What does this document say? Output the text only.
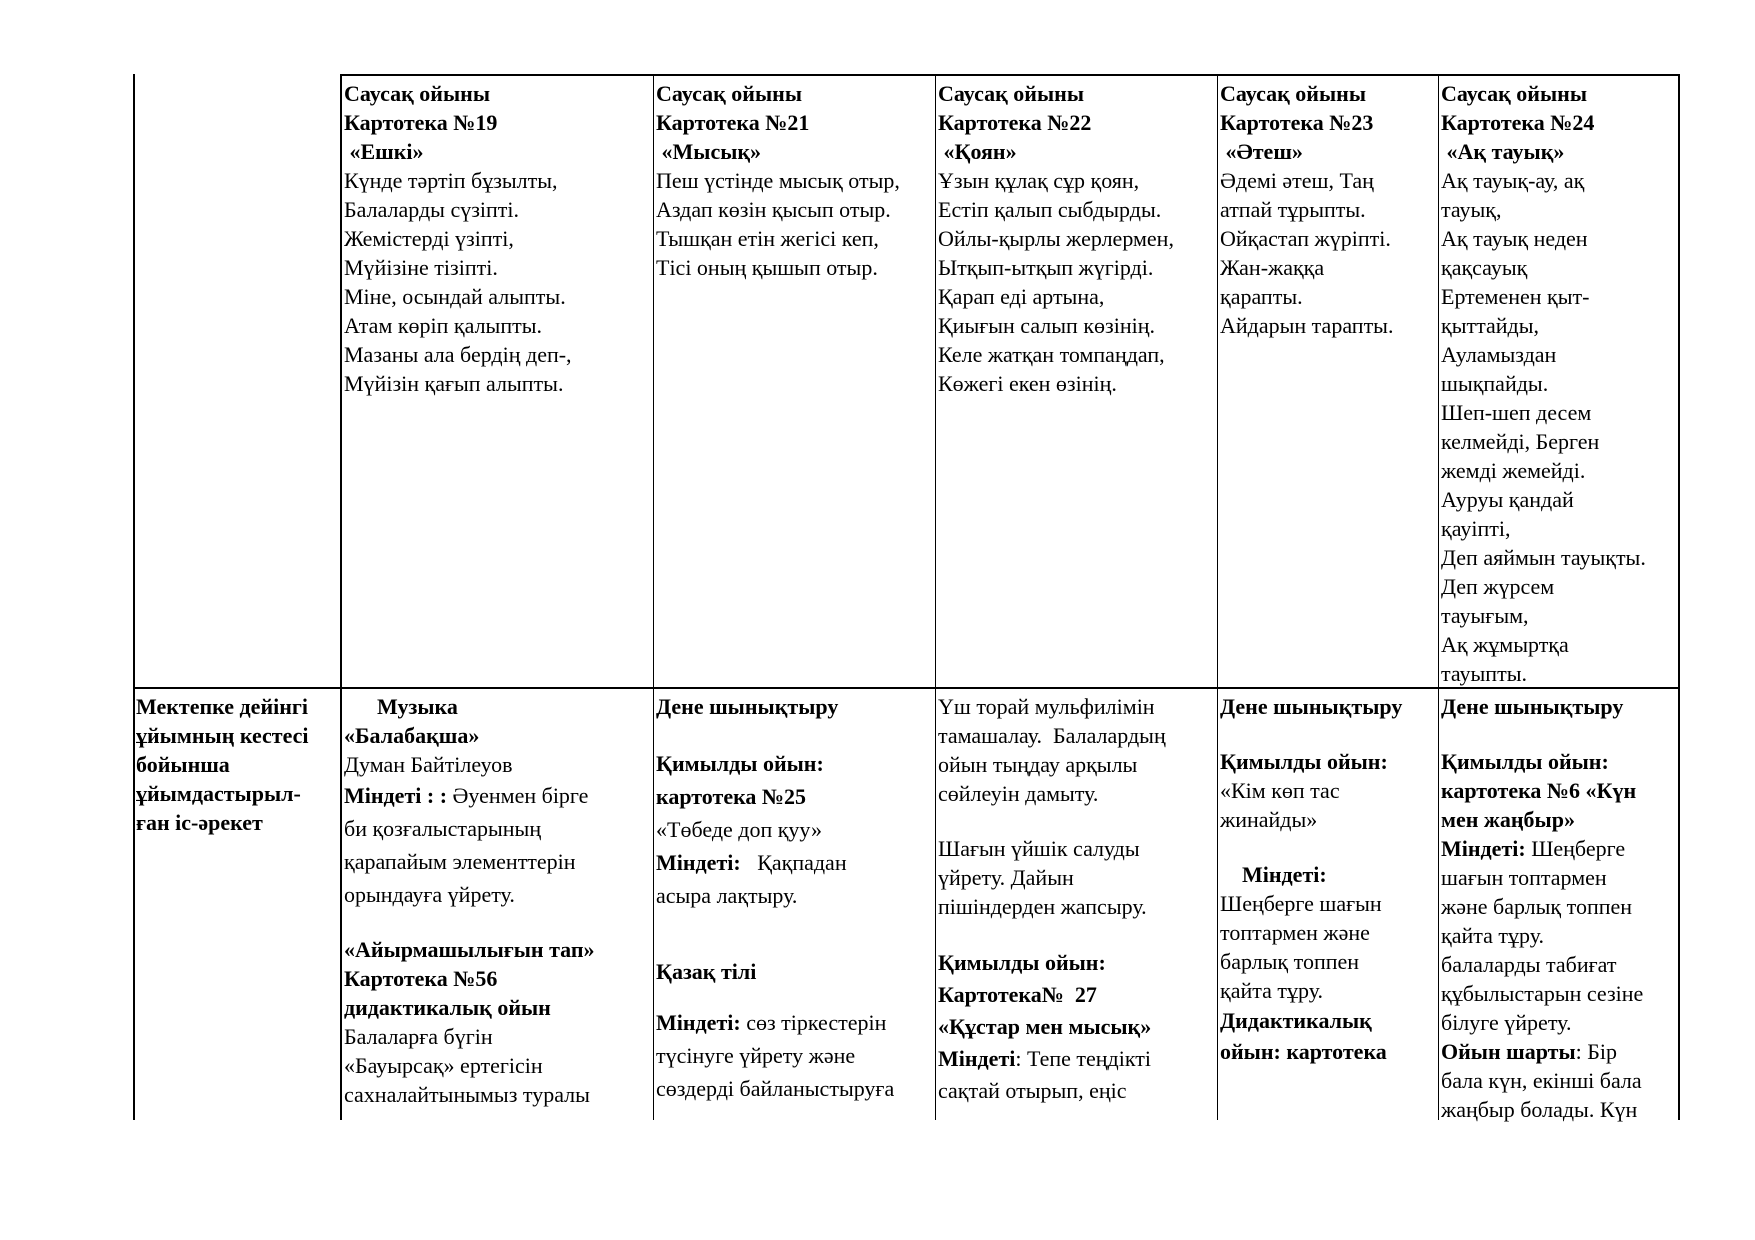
Саусақ ойыны

Картотека №19

«Ешкі»

Күнде тәртіп бұзылты,

Балаларды сүзіпті.

Жемістерді үзіпті,

Мүйізіне тізіпті.

Міне, осындай алыпты.

Атам көріп қалыпты.

Мазаны ала бердің деп-,

Мүйізін қағып алыпты.

Саусақ ойыны

Картотека №21

«Мысық»

Пеш үстінде мысық отыр,

Аздап көзін қысып отыр.

Тышқан етін жегісі кеп,

Тісі оның қышып отыр.

Саусақ ойыны

Картотека №22

«Қоян»

Ұзын құлақ сұр қоян,

Естіп қалып сыбдырды.

Ойлы-қырлы жерлермен,

Ытқып-ытқып жүгірді.

Қарап еді артына,

Қиығын салып көзінің.

Келе жатқан томпаңдап,

Көжегі екен өзінің.

Саусақ ойыны

Картотека №23

«Әтеш»

Әдемі әтеш, Таң

атпай тұрыпты.

Ойқастап жүріпті.

Жан-жаққа

қарапты.

Айдарын тарапты.

Саусақ ойыны

Картотека №24

«Ақ тауық»

Ақ тауық-ау, ақ

тауық,

Ақ тауық неден

қақсауық

Ертеменен қыт-

қыттайды,

Ауламыздан

шықпайды.

Шеп-шеп десем

келмейді, Берген

жемді жемейді.

Ауруы қандай

қауіпті,

Деп аяймын тауықты.

Деп жүрсем

тауығым,

Ақ жұмыртқа

тауыпты.

Мектепке дейінгі

ұйымның кестесі

бойынша

ұйымдастырыл-

ған іс-әрекет

Музыка

«Балабақша»

Думан Байтілеуов

Міндеті : : Әуенмен бірге

би қозғалыстарының

қарапайым элементтерін

орындауға үйрету.

«Айырмашылығын тап»

Картотека №56

дидактикалық ойын

Балаларға бүгін

«Бауырсақ» ертегісін

сахналайтынымыз туралы

Дене шынықтыру

Қимылды ойын:

картотека №25

«Төбеде доп қуу»

Міндеті:   Қақпадан

асыра лақтыру.

Қазақ тілі

Міндеті: сөз тіркестерін

түсінуге үйрету және

сөздерді байланыстыруға

Үш торай мульфилімін

тамашалау.  Балалардың

ойын тыңдау арқылы

сөйлеуін дамыту.

Шағын үйшік салуды

үйрету. Дайын

пішіндерден жапсыру.

Қимылды ойын:

Картотека№  27

«Құстар мен мысық»

Міндеті: Тепе теңдікті

сақтай отырып, еңіс

Дене шынықтыру

Қимылды ойын:

«Кім көп тас

жинайды»

Міндеті:

Шеңберге шағын

топтармен және

барлық топпен

қайта тұру.

Дидактикалық

ойын: картотека

Дене шынықтыру

Қимылды ойын:

картотека №6 «Күн

мен жаңбыр»

Міндеті: Шеңберге

шағын топтармен

және барлық топпен

қайта тұру.

балаларды табиғат

құбылыстарын сезіне

білуге үйрету.

Ойын шарты: Бір

бала күн, екінші бала

жаңбыр болады. Күн
